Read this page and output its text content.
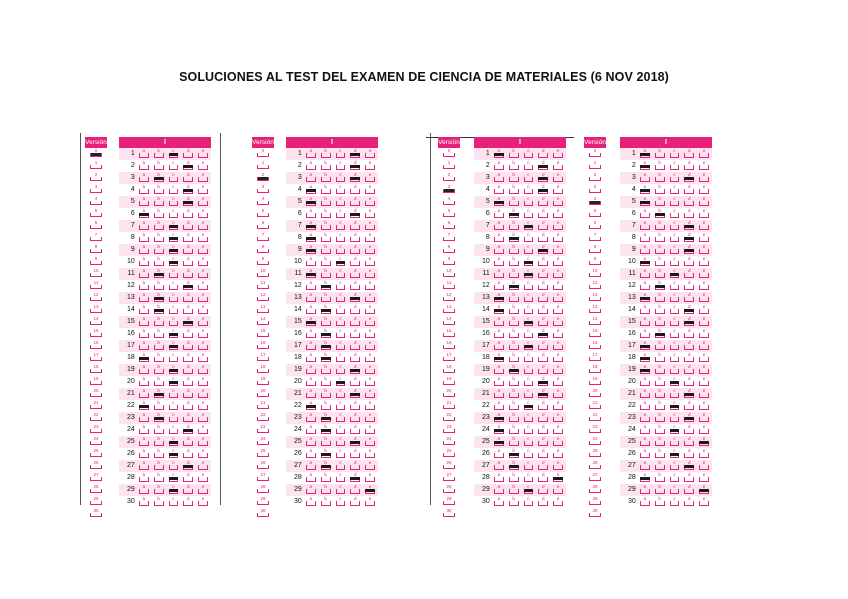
SOLUCIONES AL TEST DEL EXAMEN DE CIENCIA DE MATERIALES (6 NOV 2018)
Versión
0
1
2
3
4
5
6
7
8
9
10
11
12
13
14
15
16
17
18
19
20
21
22
23
24
25
26
27
28
29
30
I
1	a	b	c	d	e
2	a	b	c	d	e
3	a	b	c	d	e
4	a	b	c	d	e
5	a	b	c	d	e
6	a	b	c	d	e
7	a	b	c	d	e
8	a	b	c	d	e
9	a	b	c	d	e
10	a	b	c	d	e
11	a	b	c	d	e
12	a	b	c	d	e
13	a	b	c	d	e
14	a	b	c	d	e
15	a	b	c	d	e
16	a	b	c	d	e
17	a	b	c	d	e
18	a	b	c	d	e
19	a	b	c	d	e
20	a	b	c	d	e
21	a	b	c	d	e
22	a	b	c	d	e
23	a	b	c	d	e
24	a	b	c	d	e
25	a	b	c	d	e
26	a	b	c	d	e
27	a	b	c	d	e
28	a	b	c	d	e
29	a	b	c	d	e
30	a	b	c	d	e
Versión
0
1
2
3
4
5
6
7
8
9
10
11
12
13
14
15
16
17
18
19
20
21
22
23
24
25
26
27
28
29
30
I
1	a	b	c	d	e
2	a	b	c	d	e
3	a	b	c	d	e
4	a	b	c	d	e
5	a	b	c	d	e
6	a	b	c	d	e
7	a	b	c	d	e
8	a	b	c	d	e
9	a	b	c	d	e
10	a	b	c	d	e
11	a	b	c	d	e
12	a	b	c	d	e
13	a	b	c	d	e
14	a	b	c	d	e
15	a	b	c	d	e
16	a	b	c	d	e
17	a	b	c	d	e
18	a	b	c	d	e
19	a	b	c	d	e
20	a	b	c	d	e
21	a	b	c	d	e
22	a	b	c	d	e
23	a	b	c	d	e
24	a	b	c	d	e
25	a	b	c	d	e
26	a	b	c	d	e
27	a	b	c	d	e
28	a	b	c	d	e
29	a	b	c	d	e
30	a	b	c	d	e
Versión
0
1
2
3
4
5
6
7
8
9
10
11
12
13
14
15
16
17
18
19
20
21
22
23
24
25
26
27
28
29
30
I
1	a	b	c	d	e
2	a	b	c	d	e
3	a	b	c	d	e
4	a	b	c	d	e
5	a	b	c	d	e
6	a	b	c	d	e
7	a	b	c	d	e
8	a	b	c	d	e
9	a	b	c	d	e
10	a	b	c	d	e
11	a	b	c	d	e
12	a	b	c	d	e
13	a	b	c	d	e
14	a	b	c	d	e
15	a	b	c	d	e
16	a	b	c	d	e
17	a	b	c	d	e
18	a	b	c	d	e
19	a	b	c	d	e
20	a	b	c	d	e
21	a	b	c	d	e
22	a	b	c	d	e
23	a	b	c	d	e
24	a	b	c	d	e
25	a	b	c	d	e
26	a	b	c	d	e
27	a	b	c	d	e
28	a	b	c	d	e
29	a	b	c	d	e
30	a	b	c	d	e
Versión
0
1
2
3
4
5
6
7
8
9
10
11
12
13
14
15
16
17
18
19
20
21
22
23
24
25
26
27
28
29
30
I
1	a	b	c	d	e
2	a	b	c	d	e
3	a	b	c	d	e
4	a	b	c	d	e
5	a	b	c	d	e
6	a	b	c	d	e
7	a	b	c	d	e
8	a	b	c	d	e
9	a	b	c	d	e
10	a	b	c	d	e
11	a	b	c	d	e
12	a	b	c	d	e
13	a	b	c	d	e
14	a	b	c	d	e
15	a	b	c	d	e
16	a	b	c	d	e
17	a	b	c	d	e
18	a	b	c	d	e
19	a	b	c	d	e
20	a	b	c	d	e
21	a	b	c	d	e
22	a	b	c	d	e
23	a	b	c	d	e
24	a	b	c	d	e
25	a	b	c	d	e
26	a	b	c	d	e
27	a	b	c	d	e
28	a	b	c	d	e
29	a	b	c	d	e
30	a	b	c	d	e
